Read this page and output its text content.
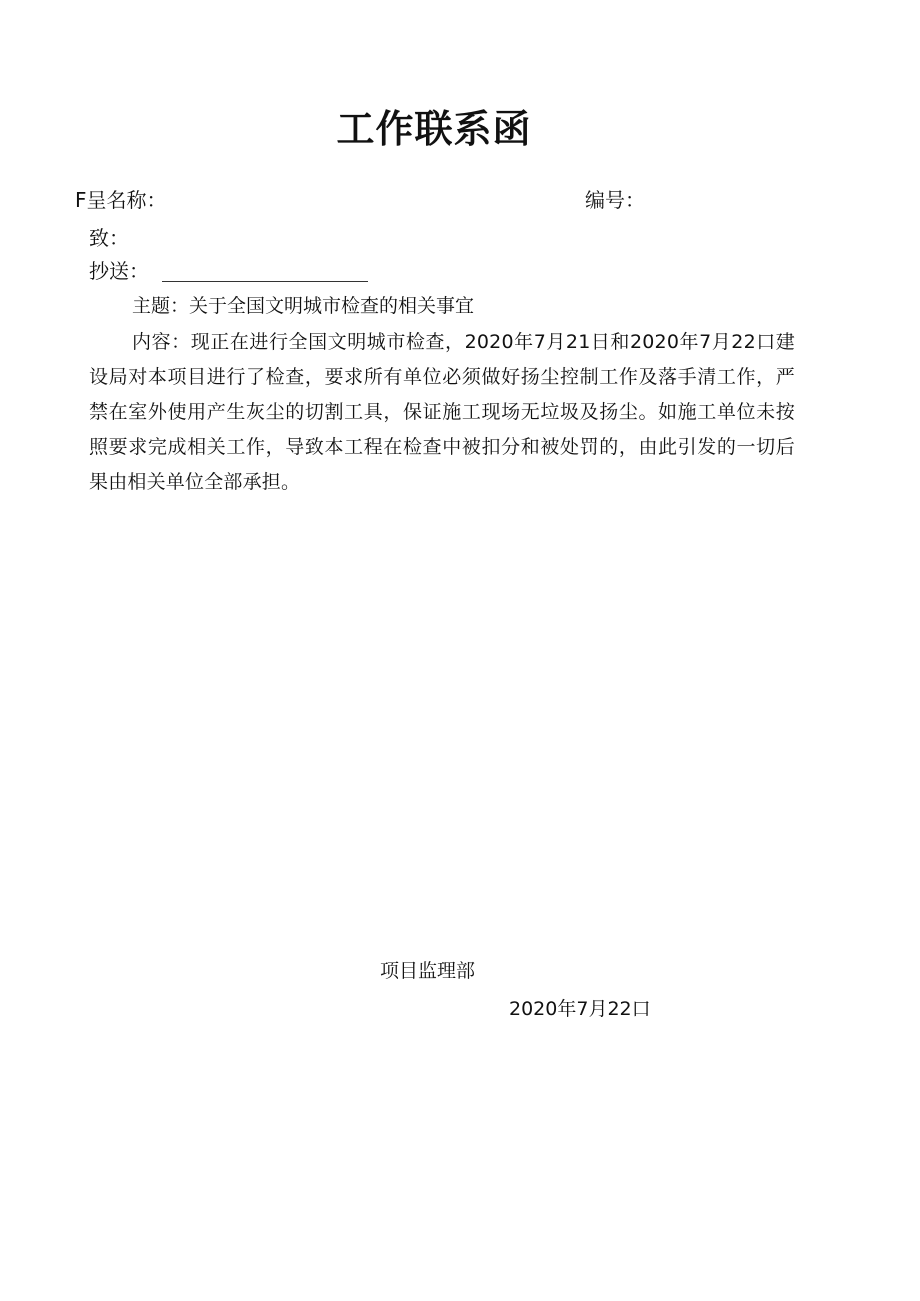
工作联系函
F呈名称：	编号：
致：
抄送：
主题：关于全国文明城市检查的相关事宜
内容：现正在进行全国文明城市检查，2020年7月21日和2020年7月22口建设局对本项目进行了检查，要求所有单位必须做好扬尘控制工作及落手清工作，严禁在室外使用产生灰尘的切割工具，保证施工现场无垃圾及扬尘。如施工单位未按照要求完成相关工作，导致本工程在检查中被扣分和被处罚的，由此引发的一切后果由相关单位全部承担。
项目监理部
2020年7月22口
